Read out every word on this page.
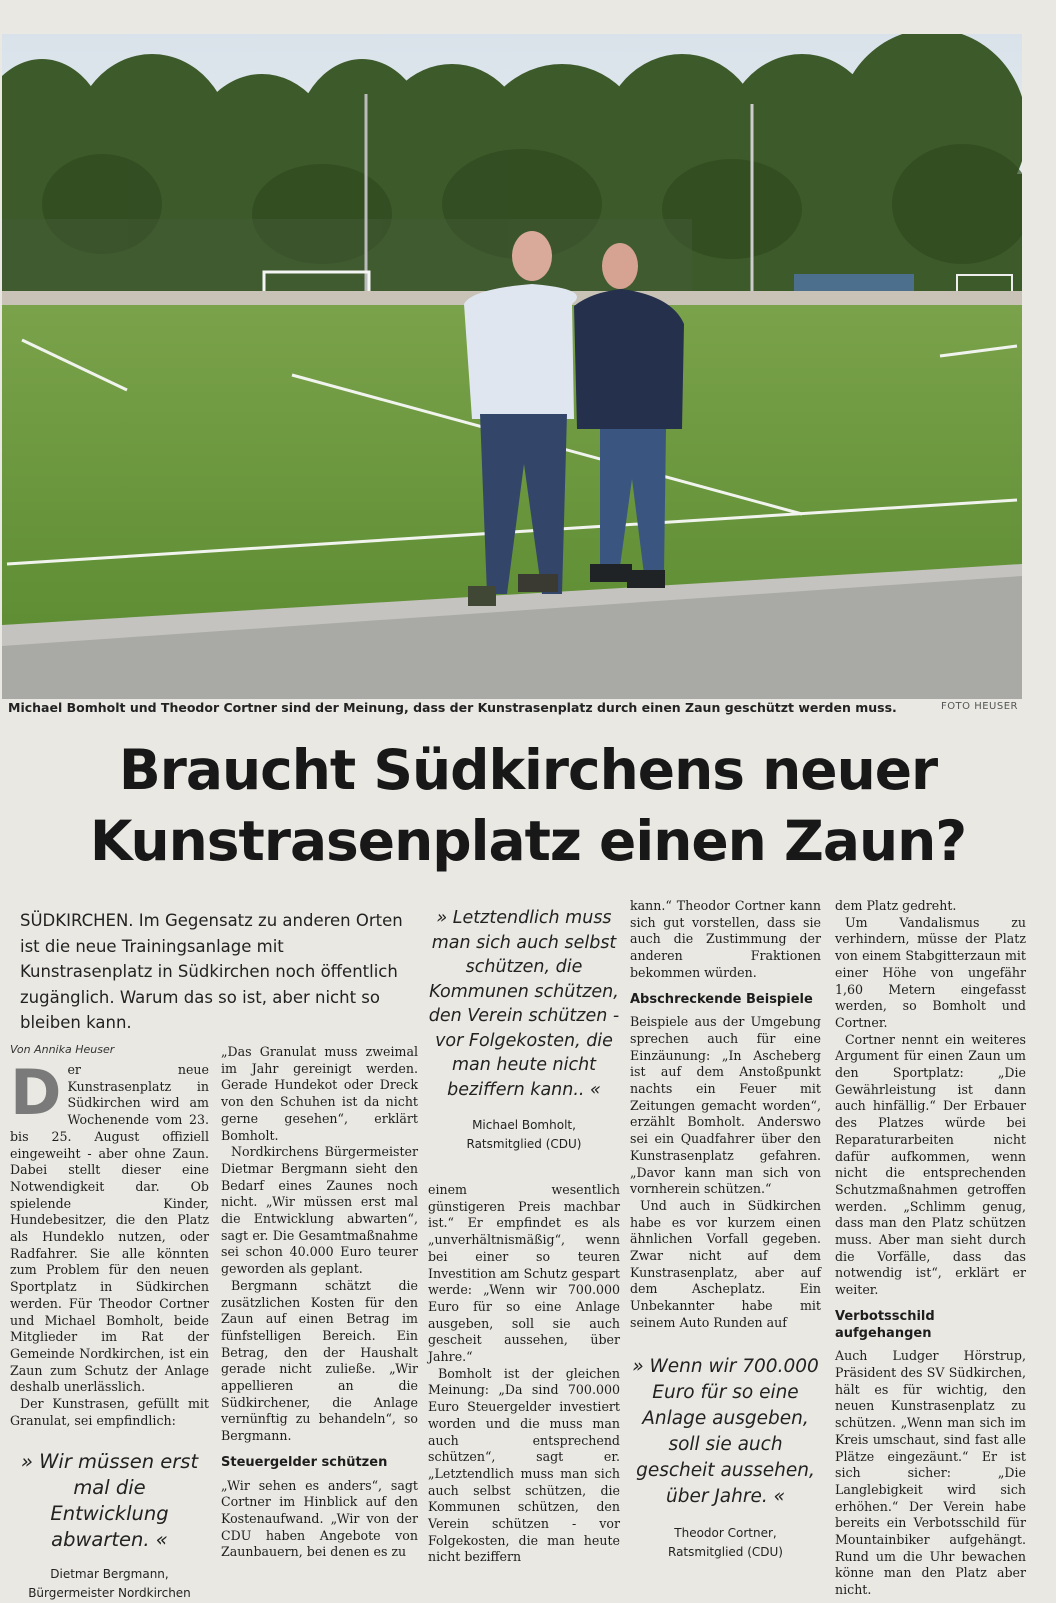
Michael Bomholt und Theodor Cortner sind der Meinung, dass der Kunstrasenplatz durch einen Zaun geschützt werden muss.	FOTO HEUSER
Braucht Südkirchens neuer
Kunstrasenplatz einen Zaun?
SÜDKIRCHEN. Im Gegensatz zu anderen Orten ist die neue Trainingsanlage mit Kunstrasenplatz in Südkirchen noch öffentlich zugänglich. Warum das so ist, aber nicht so bleiben kann.
Von Annika Heuser
D er neue Kunstrasenplatz in Südkirchen wird am Wochenende vom 23. bis 25. August offiziell eingeweiht - aber ohne Zaun. Dabei stellt dieser eine Notwendigkeit dar. Ob spielende Kinder, Hundebesitzer, die den Platz als Hundeklo nutzen, oder Radfahrer. Sie alle könnten zum Problem für den neuen Sportplatz in Südkirchen werden. Für Theodor Cortner und Michael Bomholt, beide Mitglieder im Rat der Gemeinde Nordkirchen, ist ein Zaun zum Schutz der Anlage deshalb unerlässlich.

Der Kunstrasen, gefüllt mit Granulat, sei empfindlich:

» Wir müssen erst mal die Entwicklung abwarten. «
Dietmar Bergmann,
Bürgermeister Nordkirchen

„Das Granulat muss zweimal im Jahr gereinigt werden. Gerade Hundekot oder Dreck von den Schuhen ist da nicht gerne gesehen“, erklärt Bomholt.

Nordkirchens Bürgermeister Dietmar Bergmann sieht den Bedarf eines Zaunes noch nicht. „Wir müssen erst mal die Entwicklung abwarten“, sagt er. Die Gesamtmaßnahme sei schon 40.000 Euro teurer geworden als geplant.

Bergmann schätzt die zusätzlichen Kosten für den Zaun auf einen Betrag im fünfstelligen Bereich. Ein Betrag, den der Haushalt gerade nicht zuließe. „Wir appellieren an die Südkirchener, die Anlage vernünftig zu behandeln“, so Bergmann.

Steuergelder schützen

„Wir sehen es anders“, sagt Cortner im Hinblick auf den Kostenaufwand. „Wir von der CDU haben Angebote von Zaunbauern, bei denen es zu

» Letztendlich muss man sich auch selbst schützen, die Kommunen schützen, den Verein schützen - vor Folgekosten, die man heute nicht beziffern kann.. «
Michael Bomholt,
Ratsmitglied (CDU)

einem wesentlich günstigeren Preis machbar ist.“ Er empfindet es als „unverhältnismäßig“, wenn bei einer so teuren Investition am Schutz gespart werde: „Wenn wir 700.000 Euro für so eine Anlage ausgeben, soll sie auch gescheit aussehen, über Jahre.“

Bomholt ist der gleichen Meinung: „Da sind 700.000 Euro Steuergelder investiert worden und die muss man auch entsprechend schützen“, sagt er. „Letztendlich muss man sich auch selbst schützen, die Kommunen schützen, den Verein schützen - vor Folgekosten, die man heute nicht beziffern

kann.“ Theodor Cortner kann sich gut vorstellen, dass sie auch die Zustimmung der anderen Fraktionen bekommen würden.

Abschreckende Beispiele

Beispiele aus der Umgebung sprechen auch für eine Einzäunung: „In Ascheberg ist auf dem Anstoßpunkt nachts ein Feuer mit Zeitungen gemacht worden“, erzählt Bomholt. Anderswo sei ein Quadfahrer über den Kunstrasenplatz gefahren. „Davor kann man sich von vornherein schützen.“

Und auch in Südkirchen habe es vor kurzem einen ähnlichen Vorfall gegeben. Zwar nicht auf dem Kunstrasenplatz, aber auf dem Ascheplatz. Ein Unbekannter habe mit seinem Auto Runden auf

» Wenn wir 700.000 Euro für so eine Anlage ausgeben, soll sie auch gescheit aussehen, über Jahre. «
Theodor Cortner,
Ratsmitglied (CDU)

dem Platz gedreht.

Um Vandalismus zu verhindern, müsse der Platz von einem Stabgitterzaun mit einer Höhe von ungefähr 1,60 Metern eingefasst werden, so Bomholt und Cortner.

Cortner nennt ein weiteres Argument für einen Zaun um den Sportplatz: „Die Gewährleistung ist dann auch hinfällig.“ Der Erbauer des Platzes würde bei Reparaturarbeiten nicht dafür aufkommen, wenn nicht die entsprechenden Schutzmaßnahmen getroffen werden. „Schlimm genug, dass man den Platz schützen muss. Aber man sieht durch die Vorfälle, dass das notwendig ist“, erklärt er weiter.

Verbotsschild aufgehangen

Auch Ludger Hörstrup, Präsident des SV Südkirchen, hält es für wichtig, den neuen Kunstrasenplatz zu schützen. „Wenn man sich im Kreis umschaut, sind fast alle Plätze eingezäunt.“ Er ist sich sicher: „Die Langlebigkeit wird sich erhöhen.“ Der Verein habe bereits ein Verbotsschild für Mountainbiker aufgehängt. Rund um die Uhr bewachen könne man den Platz aber nicht.
